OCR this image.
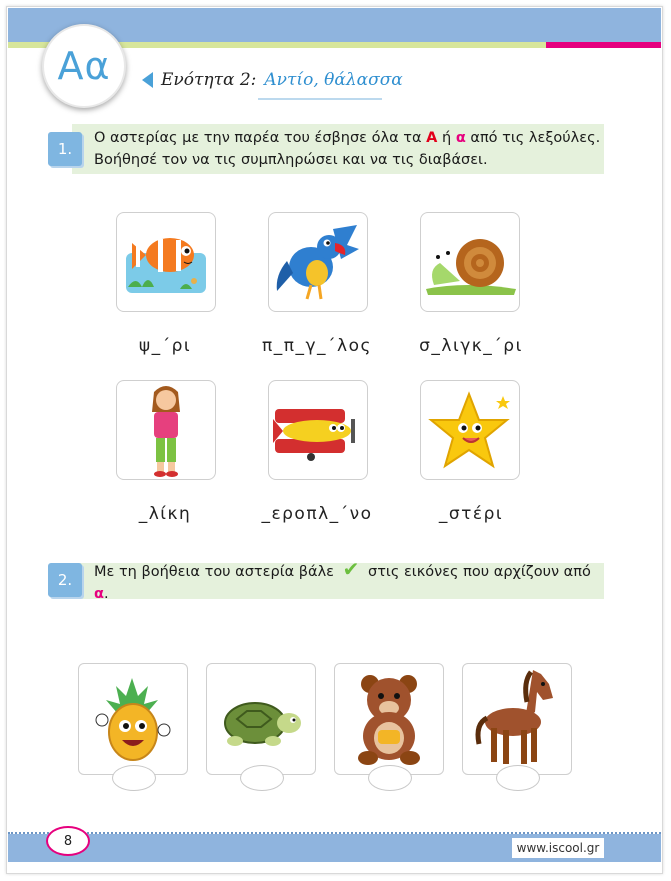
Αα	Ενότητα 2: Αντίο, θάλασσα
Ο αστερίας με την παρέα του έσβησε όλα τα Α ή α από τις λεξούλες.
Βοήθησέ τον να τις συμπληρώσει και να τις διαβάσει.
1.
ψ_΄ρι	π_π_γ_΄λος	σ_λιγκ_΄ρι
_λίκη	_εροπλ_΄νο	_στέρι
Με τη βοήθεια του αστερία βάλε ✔ στις εικόνες που αρχίζουν από α.
2.
8	www.iscool.gr
